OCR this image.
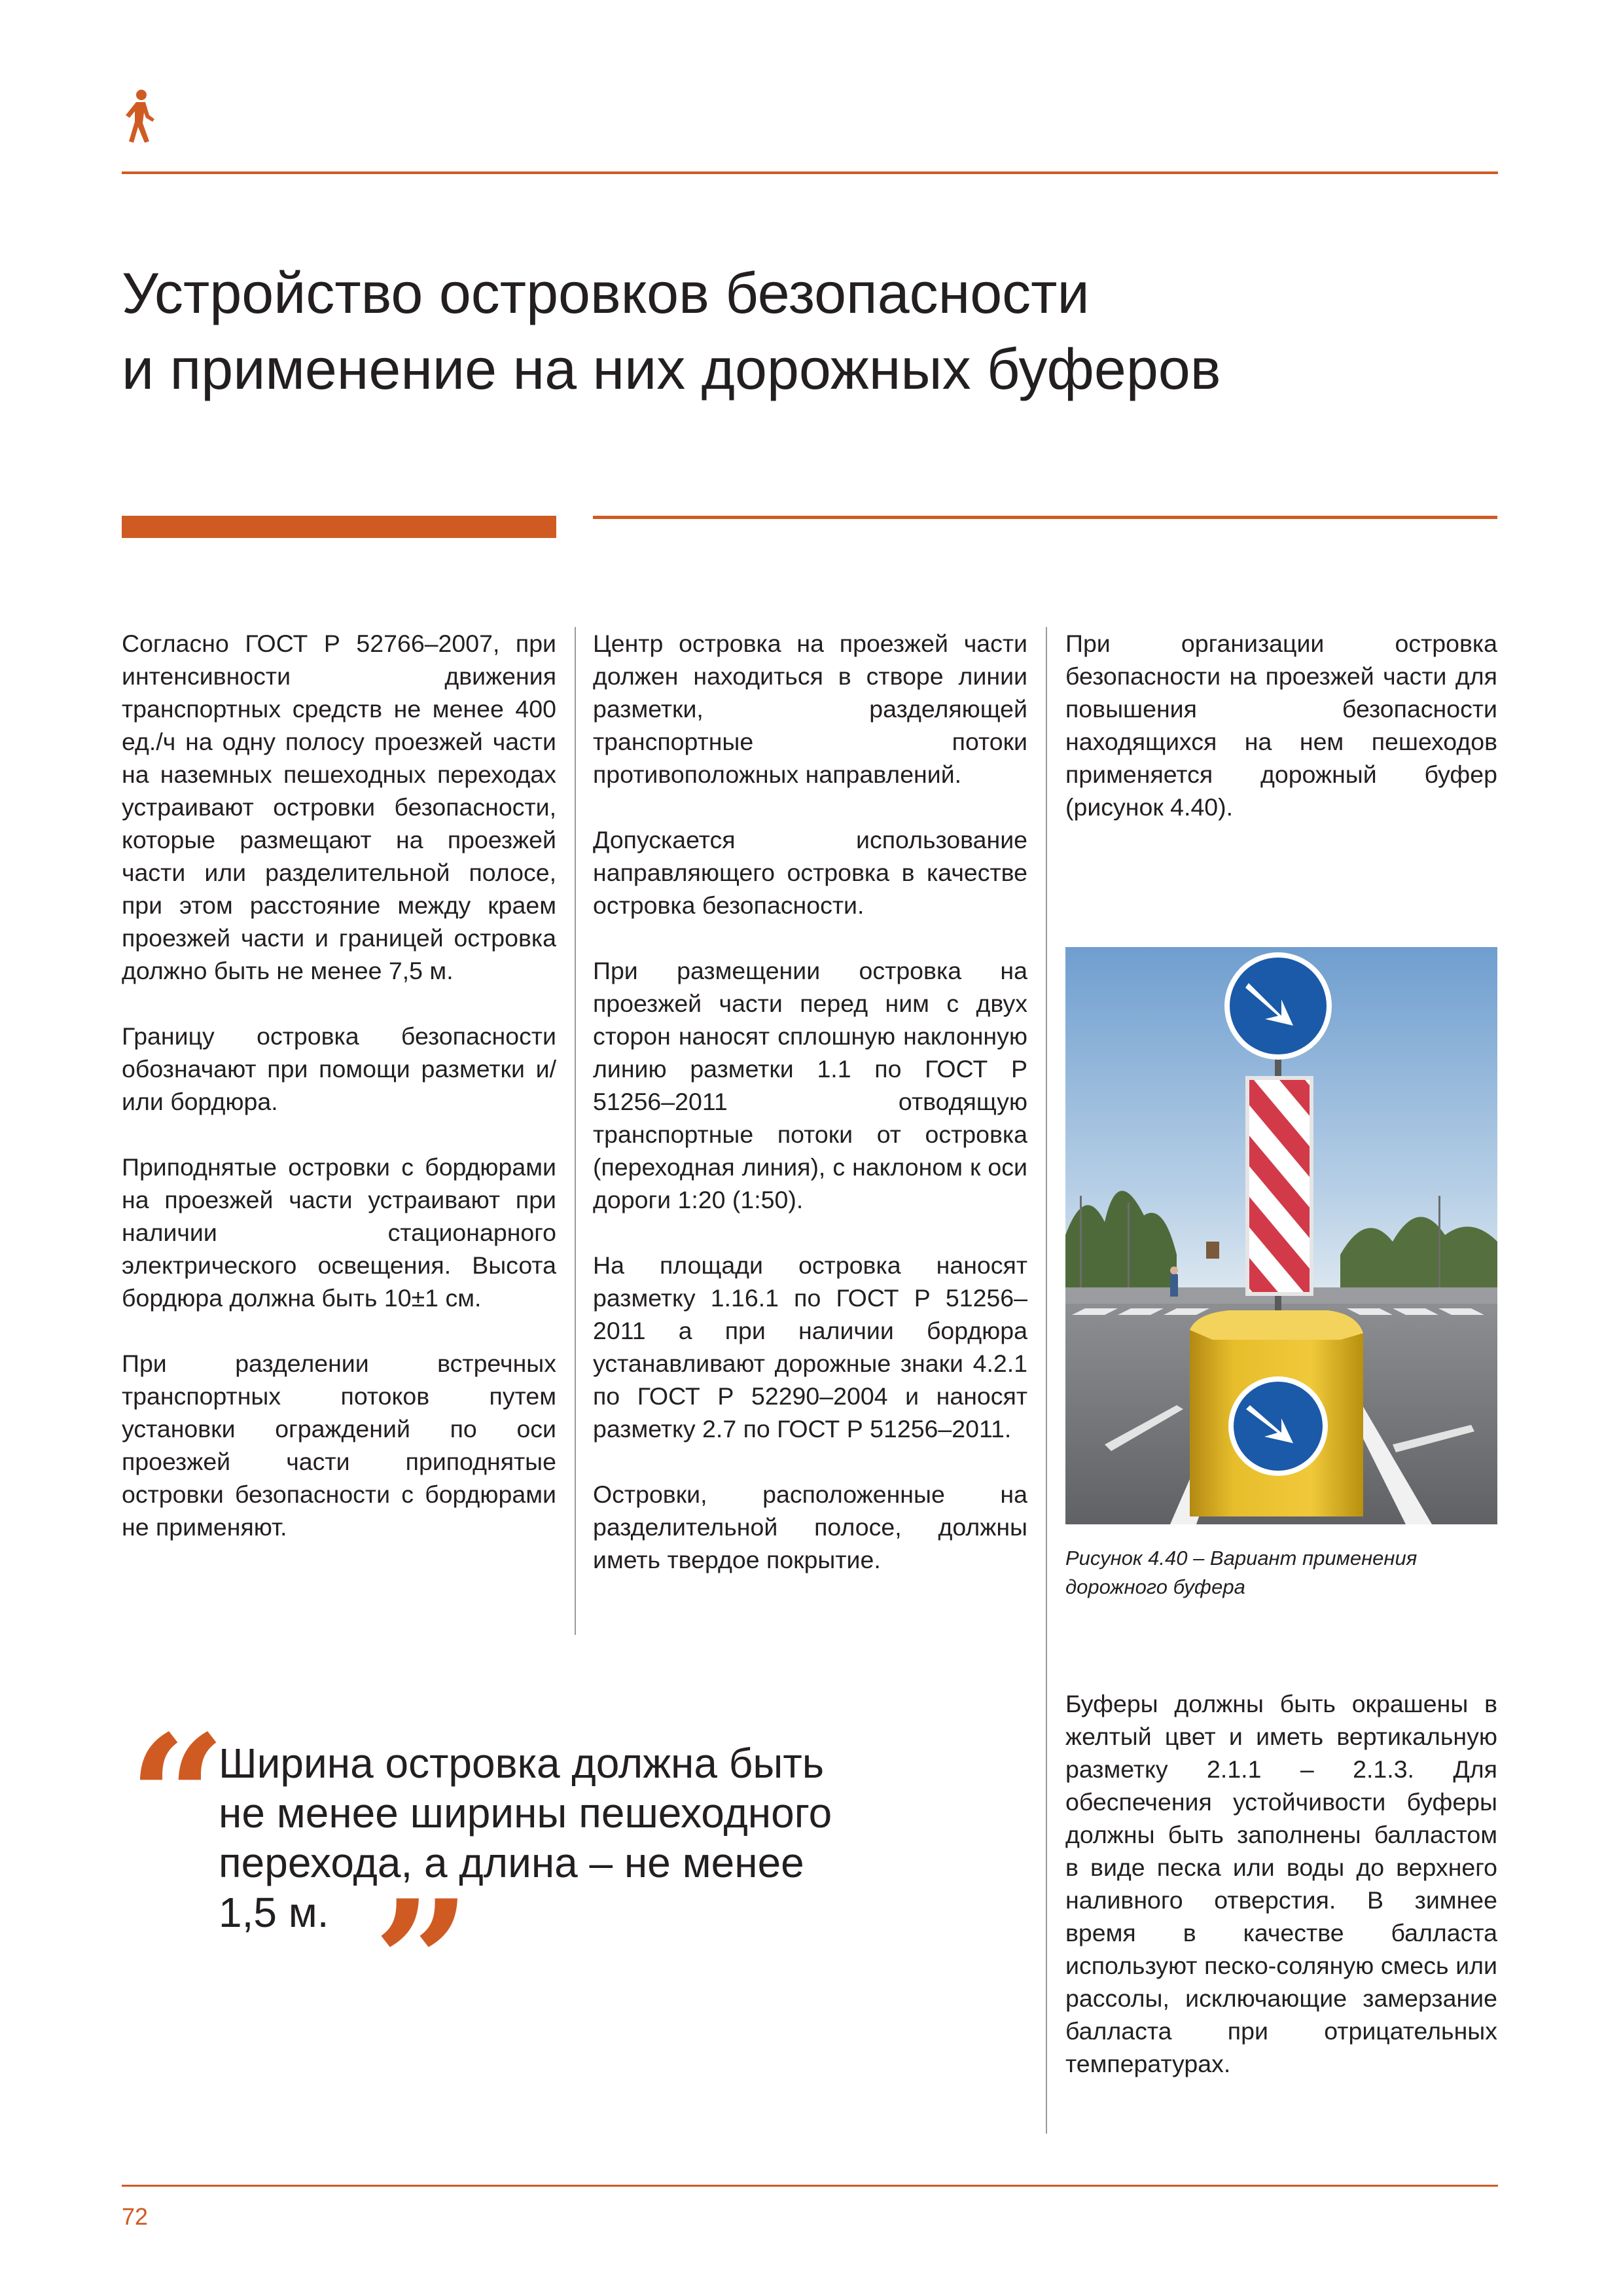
Устройство островков безопасности
и применение на них дорожных буферов

Согласно ГОСТ Р 52766–2007, при интенсивности движения транспортных средств не менее 400 ед./ч на одну полосу проезжей части на наземных пешеходных переходах устраивают островки безопасности, которые размещают на проезжей части или разделительной полосе, при этом расстояние между краем проезжей части и границей островка должно быть не менее 7,5 м.

Границу островка безопасности обозначают при помощи разметки и/или бордюра.

Приподнятые островки с бордюрами на проезжей части устраивают при наличии стационарного электрического освещения. Высота бордюра должна быть 10±1 см.

При разделении встречных транспортных потоков путем установки ограждений по оси проезжей части приподнятые островки безопасности с бордюрами не применяют.

Центр островка на проезжей части должен находиться в створе линии разметки, разделяющей транспортные потоки противоположных направлений.

Допускается использование направляющего островка в качестве островка безопасности.

При размещении островка на проезжей части перед ним с двух сторон наносят сплошную наклонную линию разметки 1.1 по ГОСТ Р 51256–2011 отводящую транспортные потоки от островка (переходная линия), с наклоном к оси дороги 1:20 (1:50).

На площади островка наносят разметку 1.16.1 по ГОСТ Р 51256–2011 а при наличии бордюра устанавливают дорожные знаки 4.2.1 по ГОСТ Р 52290–2004 и наносят разметку 2.7 по ГОСТ Р 51256–2011.

Островки, расположенные на разделительной полосе, должны иметь твердое покрытие.

При организации островка безопасности на проезжей части для повышения безопасности находящихся на нем пешеходов применяется дорожный буфер (рисунок 4.40).

Рисунок 4.40 – Вариант применения дорожного буфера

Буферы должны быть окрашены в желтый цвет и иметь вертикальную разметку 2.1.1 – 2.1.3. Для обеспечения устойчивости буферы должны быть заполнены балластом в виде песка или воды до верхнего наливного отверстия. В зимнее время в качестве балласта используют песко-соляную смесь или рассолы, исключающие замерзание балласта при отрицательных температурах.

“
Ширина островка должна быть
не менее ширины пешеходного
перехода, а длина – не менее
1,5 м. ”
72
